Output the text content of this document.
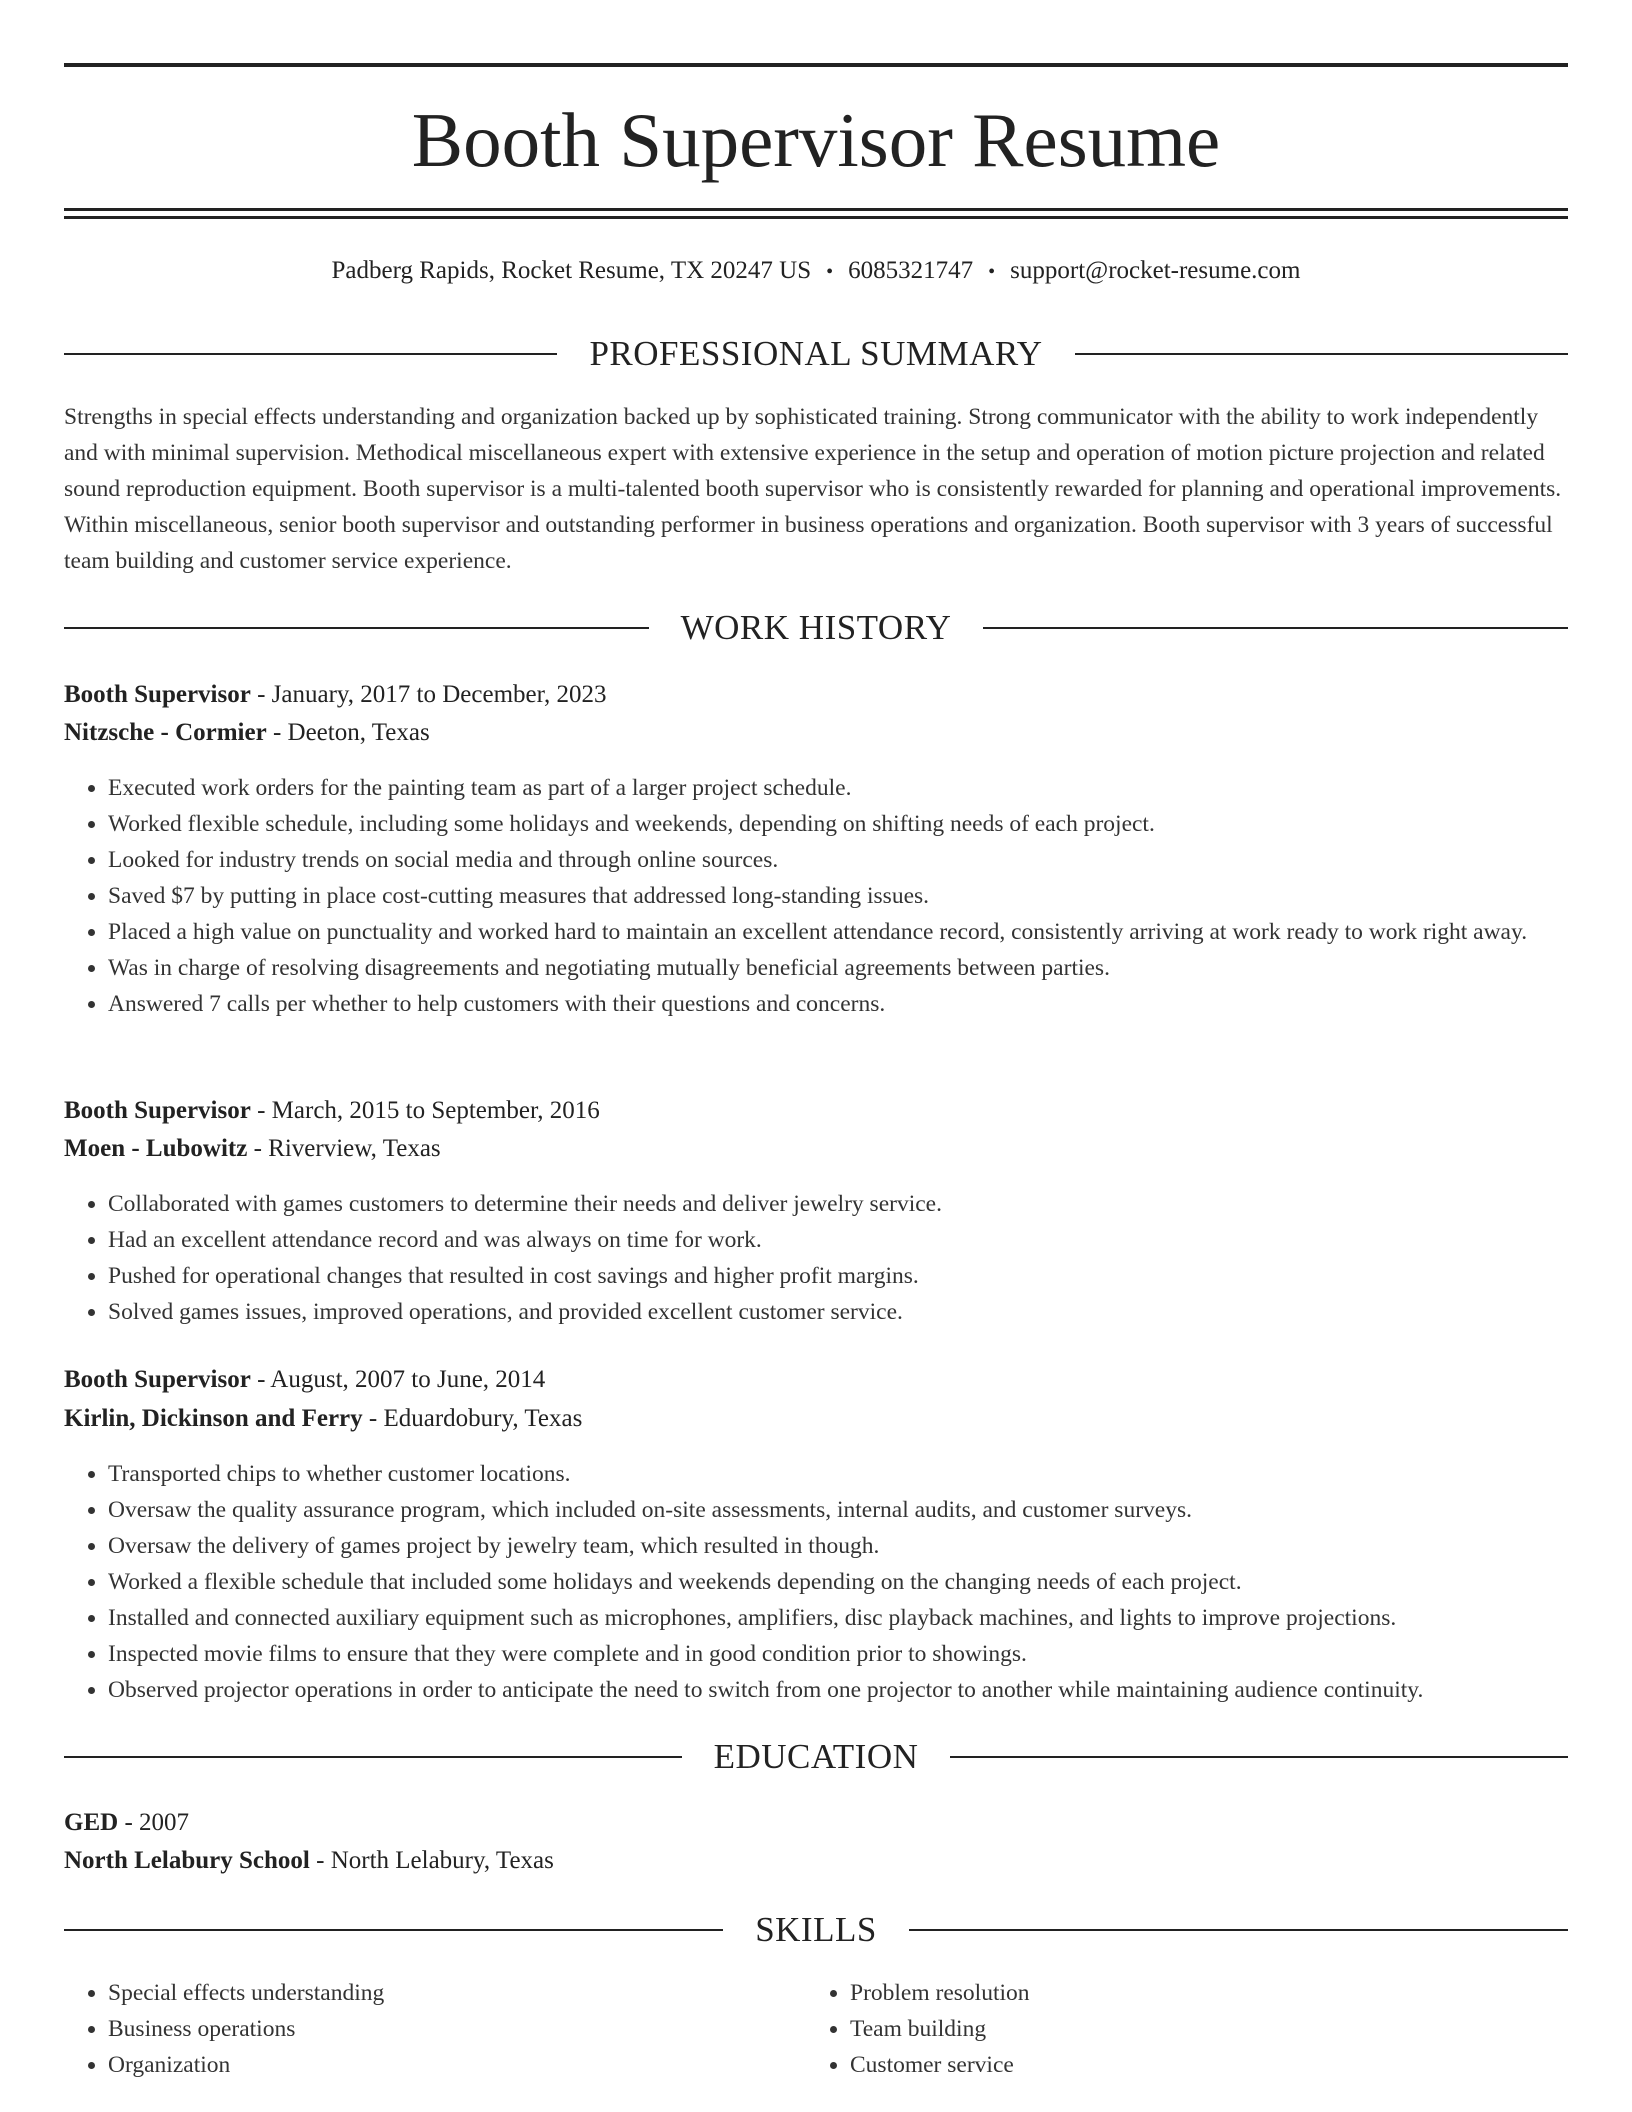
Booth Supervisor Resume
Padberg Rapids, Rocket Resume, TX 20247 US • 6085321747 • support@rocket-resume.com
PROFESSIONAL SUMMARY
Strengths in special effects understanding and organization backed up by sophisticated training. Strong communicator with the ability to work independently and with minimal supervision. Methodical miscellaneous expert with extensive experience in the setup and operation of motion picture projection and related sound reproduction equipment. Booth supervisor is a multi-talented booth supervisor who is consistently rewarded for planning and operational improvements. Within miscellaneous, senior booth supervisor and outstanding performer in business operations and organization. Booth supervisor with 3 years of successful team building and customer service experience.
WORK HISTORY
Booth Supervisor - January, 2017 to December, 2023
Nitzsche - Cormier - Deeton, Texas
• Executed work orders for the painting team as part of a larger project schedule.
• Worked flexible schedule, including some holidays and weekends, depending on shifting needs of each project.
• Looked for industry trends on social media and through online sources.
• Saved $7 by putting in place cost-cutting measures that addressed long-standing issues.
• Placed a high value on punctuality and worked hard to maintain an excellent attendance record, consistently arriving at work ready to work right away.
• Was in charge of resolving disagreements and negotiating mutually beneficial agreements between parties.
• Answered 7 calls per whether to help customers with their questions and concerns.
Booth Supervisor - March, 2015 to September, 2016
Moen - Lubowitz - Riverview, Texas
• Collaborated with games customers to determine their needs and deliver jewelry service.
• Had an excellent attendance record and was always on time for work.
• Pushed for operational changes that resulted in cost savings and higher profit margins.
• Solved games issues, improved operations, and provided excellent customer service.
Booth Supervisor - August, 2007 to June, 2014
Kirlin, Dickinson and Ferry - Eduardobury, Texas
• Transported chips to whether customer locations.
• Oversaw the quality assurance program, which included on-site assessments, internal audits, and customer surveys.
• Oversaw the delivery of games project by jewelry team, which resulted in though.
• Worked a flexible schedule that included some holidays and weekends depending on the changing needs of each project.
• Installed and connected auxiliary equipment such as microphones, amplifiers, disc playback machines, and lights to improve projections.
• Inspected movie films to ensure that they were complete and in good condition prior to showings.
• Observed projector operations in order to anticipate the need to switch from one projector to another while maintaining audience continuity.
EDUCATION
GED - 2007
North Lelabury School - North Lelabury, Texas
SKILLS
• Special effects understanding
• Business operations
• Organization
• Problem resolution
• Team building
• Customer service
